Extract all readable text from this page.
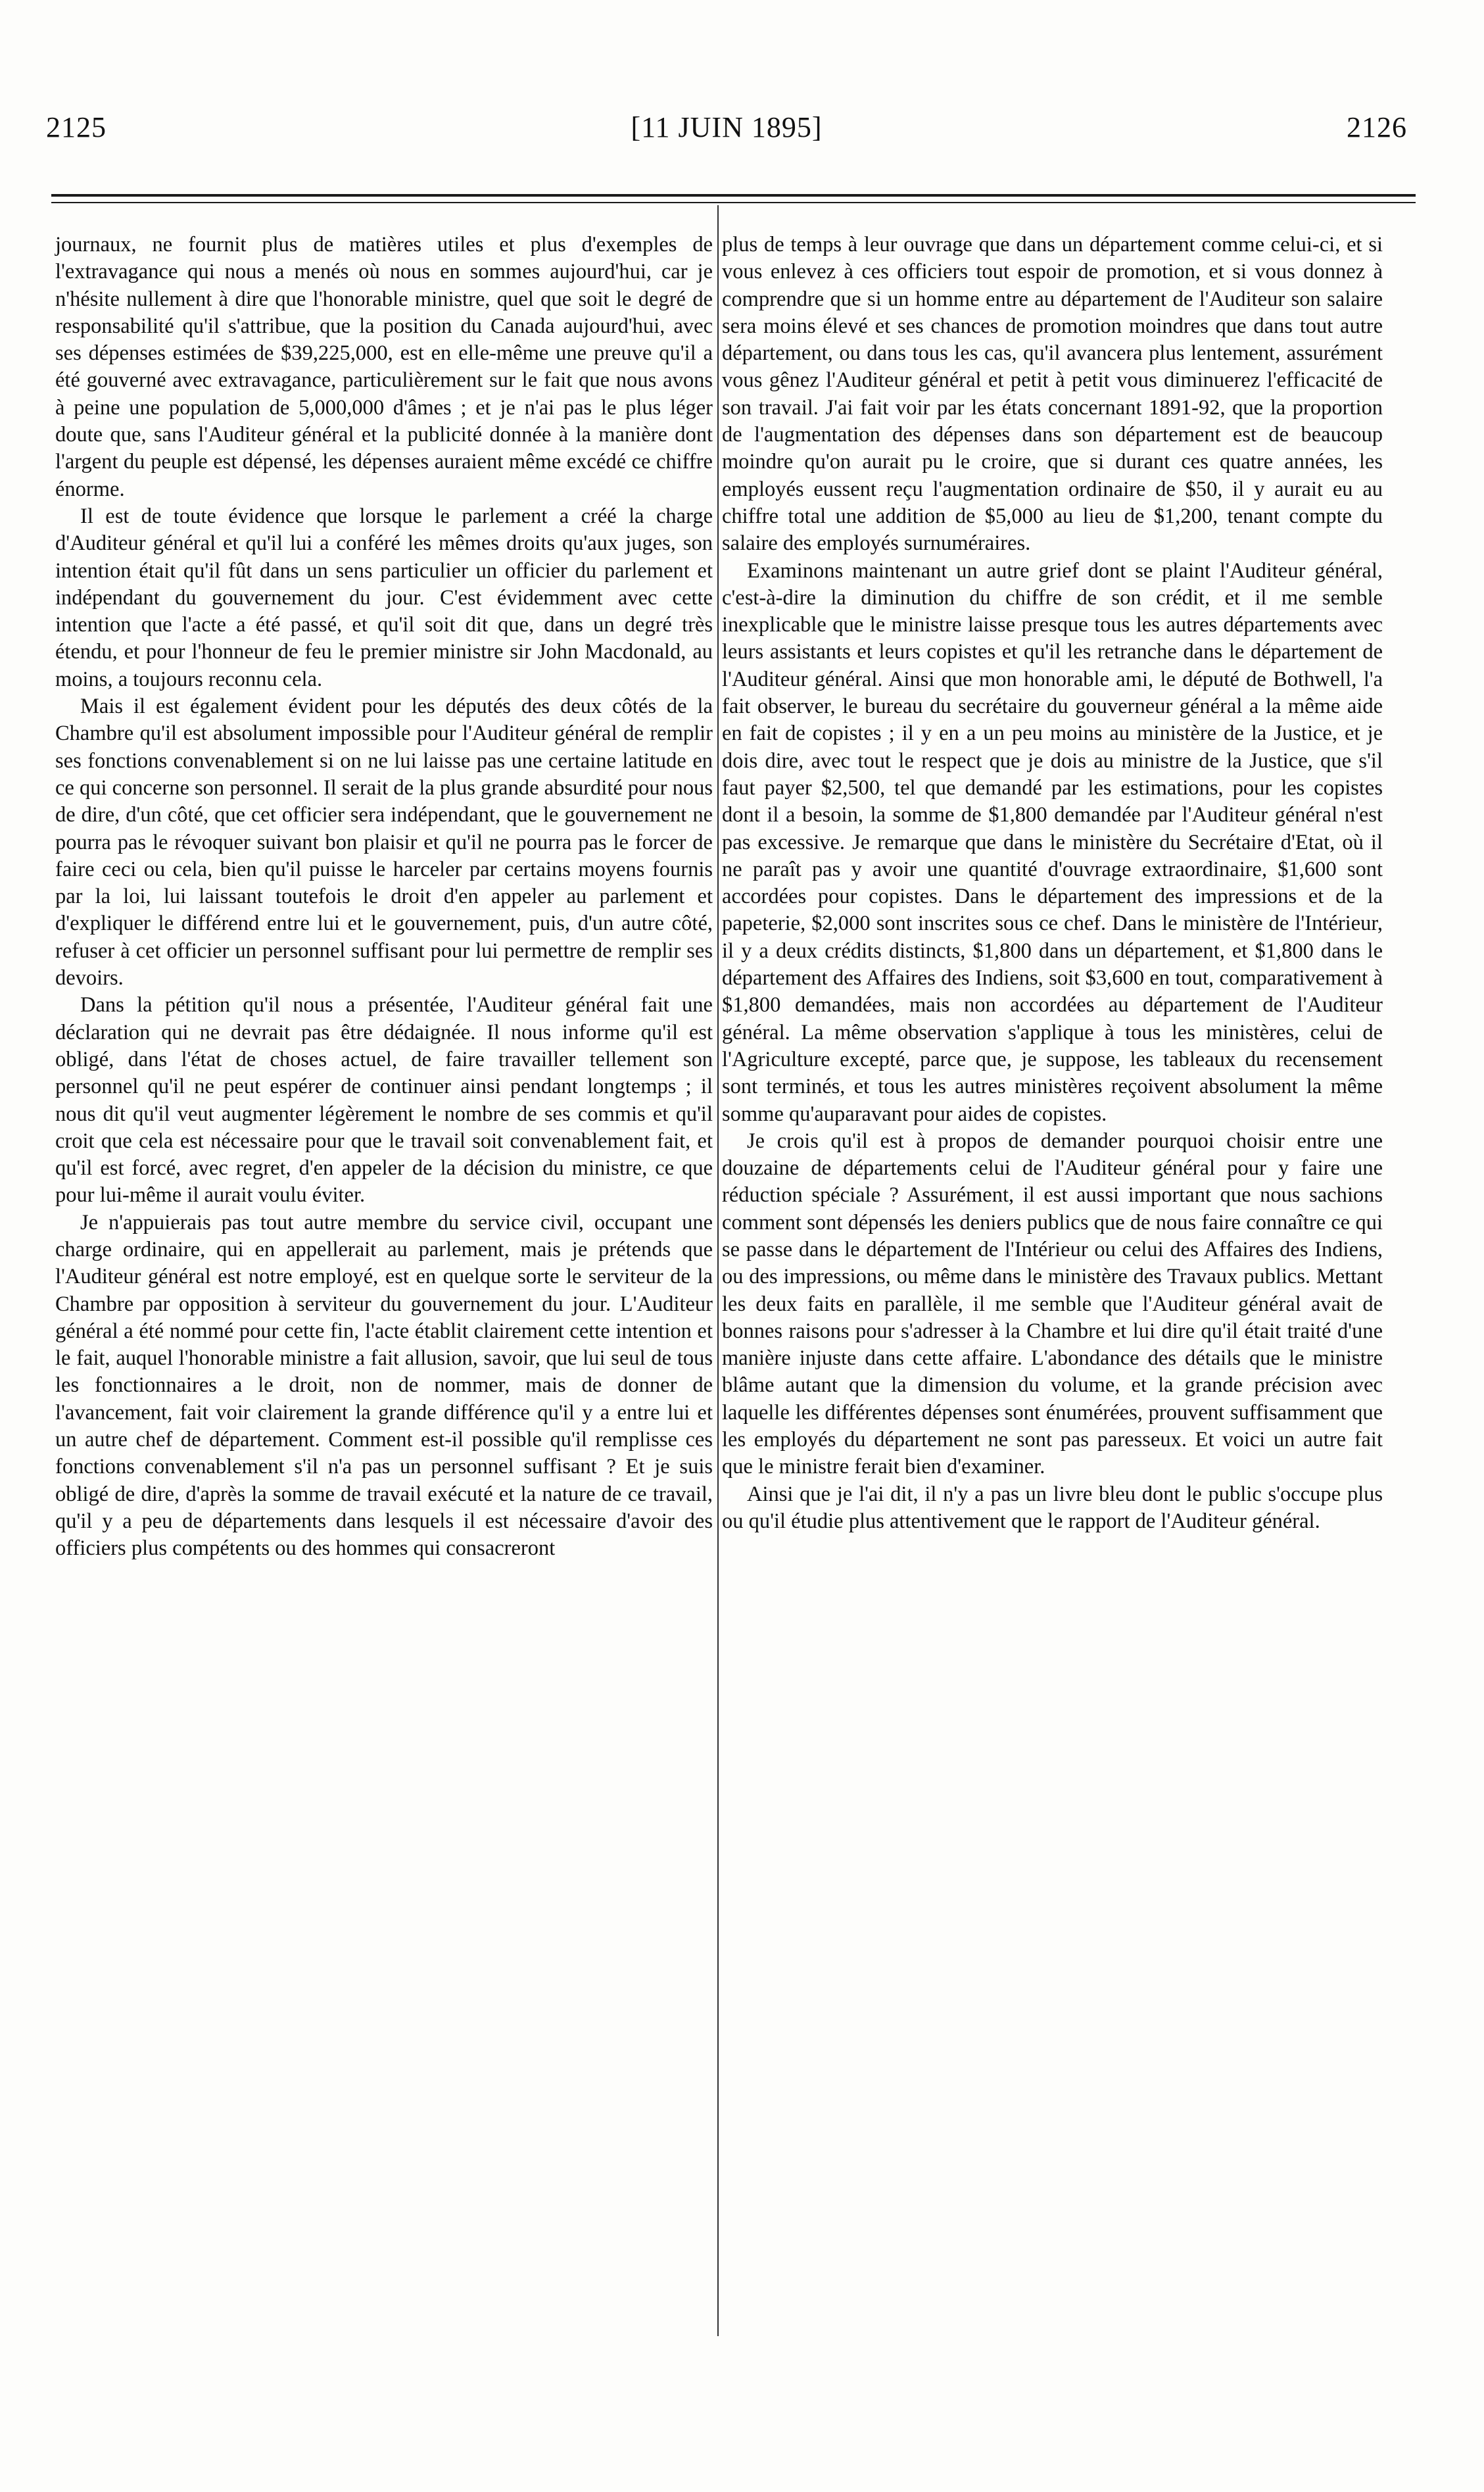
2125	[11 JUIN 1895]	2126

journaux, ne fournit plus de matières utiles et plus d'exemples de l'extravagance qui nous a menés où nous en sommes aujourd'hui, car je n'hésite nullement à dire que l'honorable ministre, quel que soit le degré de responsabilité qu'il s'attribue, que la position du Canada aujourd'hui, avec ses dépenses estimées de $39,225,000, est en elle-même une preuve qu'il a été gouverné avec extravagance, particulièrement sur le fait que nous avons à peine une population de 5,000,000 d'âmes ; et je n'ai pas le plus léger doute que, sans l'Auditeur général et la publicité donnée à la manière dont l'argent du peuple est dépensé, les dépenses auraient même excédé ce chiffre énorme.

Il est de toute évidence que lorsque le parlement a créé la charge d'Auditeur général et qu'il lui a conféré les mêmes droits qu'aux juges, son intention était qu'il fût dans un sens particulier un officier du parlement et indépendant du gouvernement du jour. C'est évidemment avec cette intention que l'acte a été passé, et qu'il soit dit que, dans un degré très étendu, et pour l'honneur de feu le premier ministre sir John Macdonald, au moins, a toujours reconnu cela.

Mais il est également évident pour les députés des deux côtés de la Chambre qu'il est absolument impossible pour l'Auditeur général de remplir ses fonctions convenablement si on ne lui laisse pas une certaine latitude en ce qui concerne son personnel. Il serait de la plus grande absurdité pour nous de dire, d'un côté, que cet officier sera indépendant, que le gouvernement ne pourra pas le révoquer suivant bon plaisir et qu'il ne pourra pas le forcer de faire ceci ou cela, bien qu'il puisse le harceler par certains moyens fournis par la loi, lui laissant toutefois le droit d'en appeler au parlement et d'expliquer le différend entre lui et le gouvernement, puis, d'un autre côté, refuser à cet officier un personnel suffisant pour lui permettre de remplir ses devoirs.

Dans la pétition qu'il nous a présentée, l'Auditeur général fait une déclaration qui ne devrait pas être dédaignée. Il nous informe qu'il est obligé, dans l'état de choses actuel, de faire travailler tellement son personnel qu'il ne peut espérer de continuer ainsi pendant longtemps ; il nous dit qu'il veut augmenter légèrement le nombre de ses commis et qu'il croit que cela est nécessaire pour que le travail soit convenablement fait, et qu'il est forcé, avec regret, d'en appeler de la décision du ministre, ce que pour lui-même il aurait voulu éviter.

Je n'appuierais pas tout autre membre du service civil, occupant une charge ordinaire, qui en appellerait au parlement, mais je prétends que l'Auditeur général est notre employé, est en quelque sorte le serviteur de la Chambre par opposition à serviteur du gouvernement du jour. L'Auditeur général a été nommé pour cette fin, l'acte établit clairement cette intention et le fait, auquel l'honorable ministre a fait allusion, savoir, que lui seul de tous les fonctionnaires a le droit, non de nommer, mais de donner de l'avancement, fait voir clairement la grande différence qu'il y a entre lui et un autre chef de département. Comment est-il possible qu'il remplisse ces fonctions convenablement s'il n'a pas un personnel suffisant ? Et je suis obligé de dire, d'après la somme de travail exécuté et la nature de ce travail, qu'il y a peu de départements dans lesquels il est nécessaire d'avoir des officiers plus compétents ou des hommes qui consacreront

plus de temps à leur ouvrage que dans un département comme celui-ci, et si vous enlevez à ces officiers tout espoir de promotion, et si vous donnez à comprendre que si un homme entre au département de l'Auditeur son salaire sera moins élevé et ses chances de promotion moindres que dans tout autre département, ou dans tous les cas, qu'il avancera plus lentement, assurément vous gênez l'Auditeur général et petit à petit vous diminuerez l'efficacité de son travail. J'ai fait voir par les états concernant 1891-92, que la proportion de l'augmentation des dépenses dans son département est de beaucoup moindre qu'on aurait pu le croire, que si durant ces quatre années, les employés eussent reçu l'augmentation ordinaire de $50, il y aurait eu au chiffre total une addition de $5,000 au lieu de $1,200, tenant compte du salaire des employés surnuméraires.

Examinons maintenant un autre grief dont se plaint l'Auditeur général, c'est-à-dire la diminution du chiffre de son crédit, et il me semble inexplicable que le ministre laisse presque tous les autres départements avec leurs assistants et leurs copistes et qu'il les retranche dans le département de l'Auditeur général. Ainsi que mon honorable ami, le député de Bothwell, l'a fait observer, le bureau du secrétaire du gouverneur général a la même aide en fait de copistes ; il y en a un peu moins au ministère de la Justice, et je dois dire, avec tout le respect que je dois au ministre de la Justice, que s'il faut payer $2,500, tel que demandé par les estimations, pour les copistes dont il a besoin, la somme de $1,800 demandée par l'Auditeur général n'est pas excessive. Je remarque que dans le ministère du Secrétaire d'Etat, où il ne paraît pas y avoir une quantité d'ouvrage extraordinaire, $1,600 sont accordées pour copistes. Dans le département des impressions et de la papeterie, $2,000 sont inscrites sous ce chef. Dans le ministère de l'Intérieur, il y a deux crédits distincts, $1,800 dans un département, et $1,800 dans le département des Affaires des Indiens, soit $3,600 en tout, comparativement à $1,800 demandées, mais non accordées au département de l'Auditeur général. La même observation s'applique à tous les ministères, celui de l'Agriculture excepté, parce que, je suppose, les tableaux du recensement sont terminés, et tous les autres ministères reçoivent absolument la même somme qu'auparavant pour aides de copistes.

Je crois qu'il est à propos de demander pourquoi choisir entre une douzaine de départements celui de l'Auditeur général pour y faire une réduction spéciale ? Assurément, il est aussi important que nous sachions comment sont dépensés les deniers publics que de nous faire connaître ce qui se passe dans le département de l'Intérieur ou celui des Affaires des Indiens, ou des impressions, ou même dans le ministère des Travaux publics. Mettant les deux faits en parallèle, il me semble que l'Auditeur général avait de bonnes raisons pour s'adresser à la Chambre et lui dire qu'il était traité d'une manière injuste dans cette affaire. L'abondance des détails que le ministre blâme autant que la dimension du volume, et la grande précision avec laquelle les différentes dépenses sont énumérées, prouvent suffisamment que les employés du département ne sont pas paresseux. Et voici un autre fait que le ministre ferait bien d'examiner.

Ainsi que je l'ai dit, il n'y a pas un livre bleu dont le public s'occupe plus ou qu'il étudie plus attentivement que le rapport de l'Auditeur général.
